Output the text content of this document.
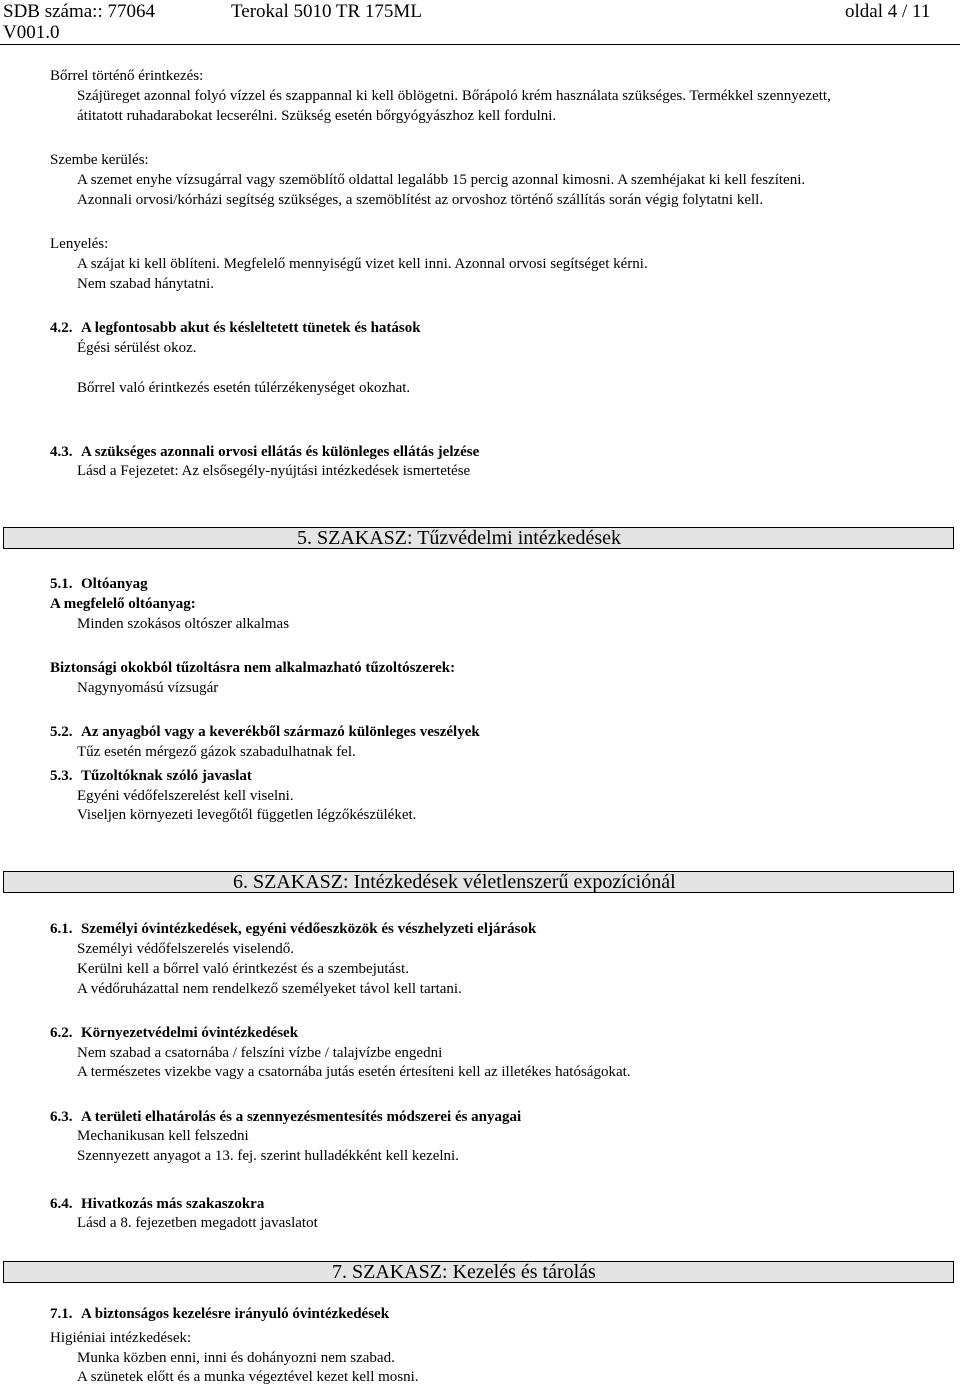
SDB száma:: 77064	Terokal 5010 TR 175ML	oldal 4 / 11
V001.0
Bőrrel történő érintkezés:
Szájüreget azonnal folyó vízzel és szappannal ki kell öblögetni. Bőrápoló krém használata szükséges. Termékkel szennyezett,
átitatott ruhadarabokat lecserélni. Szükség esetén bőrgyógyászhoz kell fordulni.
Szembe kerülés:
A szemet enyhe vízsugárral vagy szemöblítő oldattal legalább 15 percig azonnal kimosni. A szemhéjakat ki kell feszíteni.
Azonnali orvosi/kórházi segítség szükséges, a szemöblítést az orvoshoz történő szállítás során végig folytatni kell.
Lenyelés:
A szájat ki kell öblíteni. Megfelelő mennyiségű vizet kell inni. Azonnal orvosi segítséget kérni.
Nem szabad hánytatni.
4.2. A legfontosabb akut és késleltetett tünetek és hatások
Égési sérülést okoz.
Bőrrel való érintkezés esetén túlérzékenységet okozhat.
4.3. A szükséges azonnali orvosi ellátás és különleges ellátás jelzése
Lásd a Fejezetet: Az elsősegély-nyújtási intézkedések ismertetése
5. SZAKASZ: Tűzvédelmi intézkedések
5.1. Oltóanyag
A megfelelő oltóanyag:
Minden szokásos oltószer alkalmas
Biztonsági okokból tűzoltásra nem alkalmazható tűzoltószerek:
Nagynyomású vízsugár
5.2. Az anyagból vagy a keverékből származó különleges veszélyek
Tűz esetén mérgező gázok szabadulhatnak fel.
5.3. Tűzoltóknak szóló javaslat
Egyéni védőfelszerelést kell viselni.
Viseljen környezeti levegőtől független légzőkészüléket.
6. SZAKASZ: Intézkedések véletlenszerű expozíciónál
6.1. Személyi óvintézkedések, egyéni védőeszközök és vészhelyzeti eljárások
Személyi védőfelszerelés viselendő.
Kerülni kell a bőrrel való érintkezést és a szembejutást.
A védőruházattal nem rendelkező személyeket távol kell tartani.
6.2. Környezetvédelmi óvintézkedések
Nem szabad a csatornába / felszíni vízbe / talajvízbe engedni
A természetes vizekbe vagy a csatornába jutás esetén értesíteni kell az illetékes hatóságokat.
6.3. A területi elhatárolás és a szennyezésmentesítés módszerei és anyagai
Mechanikusan kell felszedni
Szennyezett anyagot a 13. fej. szerint hulladékként kell kezelni.
6.4. Hivatkozás más szakaszokra
Lásd a 8. fejezetben megadott javaslatot
7. SZAKASZ: Kezelés és tárolás
7.1. A biztonságos kezelésre irányuló óvintézkedések
Higiéniai intézkedések:
Munka közben enni, inni és dohányozni nem szabad.
A szünetek előtt és a munka végeztével kezet kell mosni.
